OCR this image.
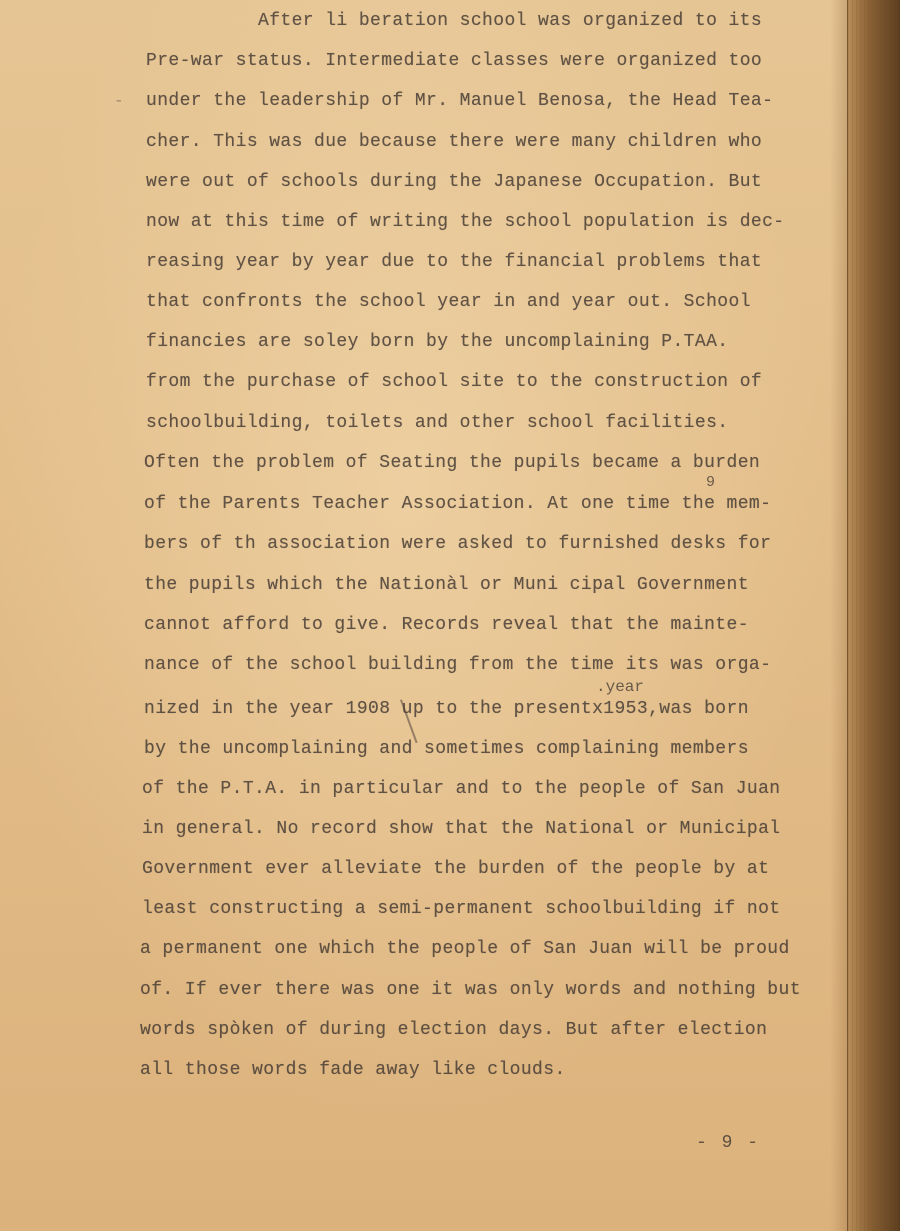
-
After li beration school was organized to its
Pre-war status. Intermediate classes were organized too
under the leadership of Mr. Manuel Benosa, the Head Tea-
cher. This was due because there were many children who
were out of schools during the Japanese Occupation. But
now at this time of writing the school population is dec-
reasing year by year due to the financial problems that
that confronts the school year in and year out. School
financies are soley born by the uncomplaining P.TAA.
from the purchase of school site to the construction of
schoolbuilding, toilets and other school facilities.
Often the problem of Seating the pupils became a burden
of the Parents Teacher Association. At one time the mem-
bers of th association were asked to furnished desks for
the pupils which the Nationàl or Muni cipal Government
cannot afford to give. Records reveal that the mainte-
nance of the school building from the time its was orga-
nized in the year 1908 up to the presentx1953,was born
by the uncomplaining and sometimes complaining members
of the P.T.A. in particular and to the people of San Juan
in general. No record show that the National or Municipal
Government ever alleviate the burden of the people by at
least constructing a semi-permanent schoolbuilding if not
a permanent one which the people of San Juan will be proud
of. If ever there was one it was only words and nothing but
words spòken of during election days. But after election
all those words fade away like clouds.
.year
9
- 9 -
